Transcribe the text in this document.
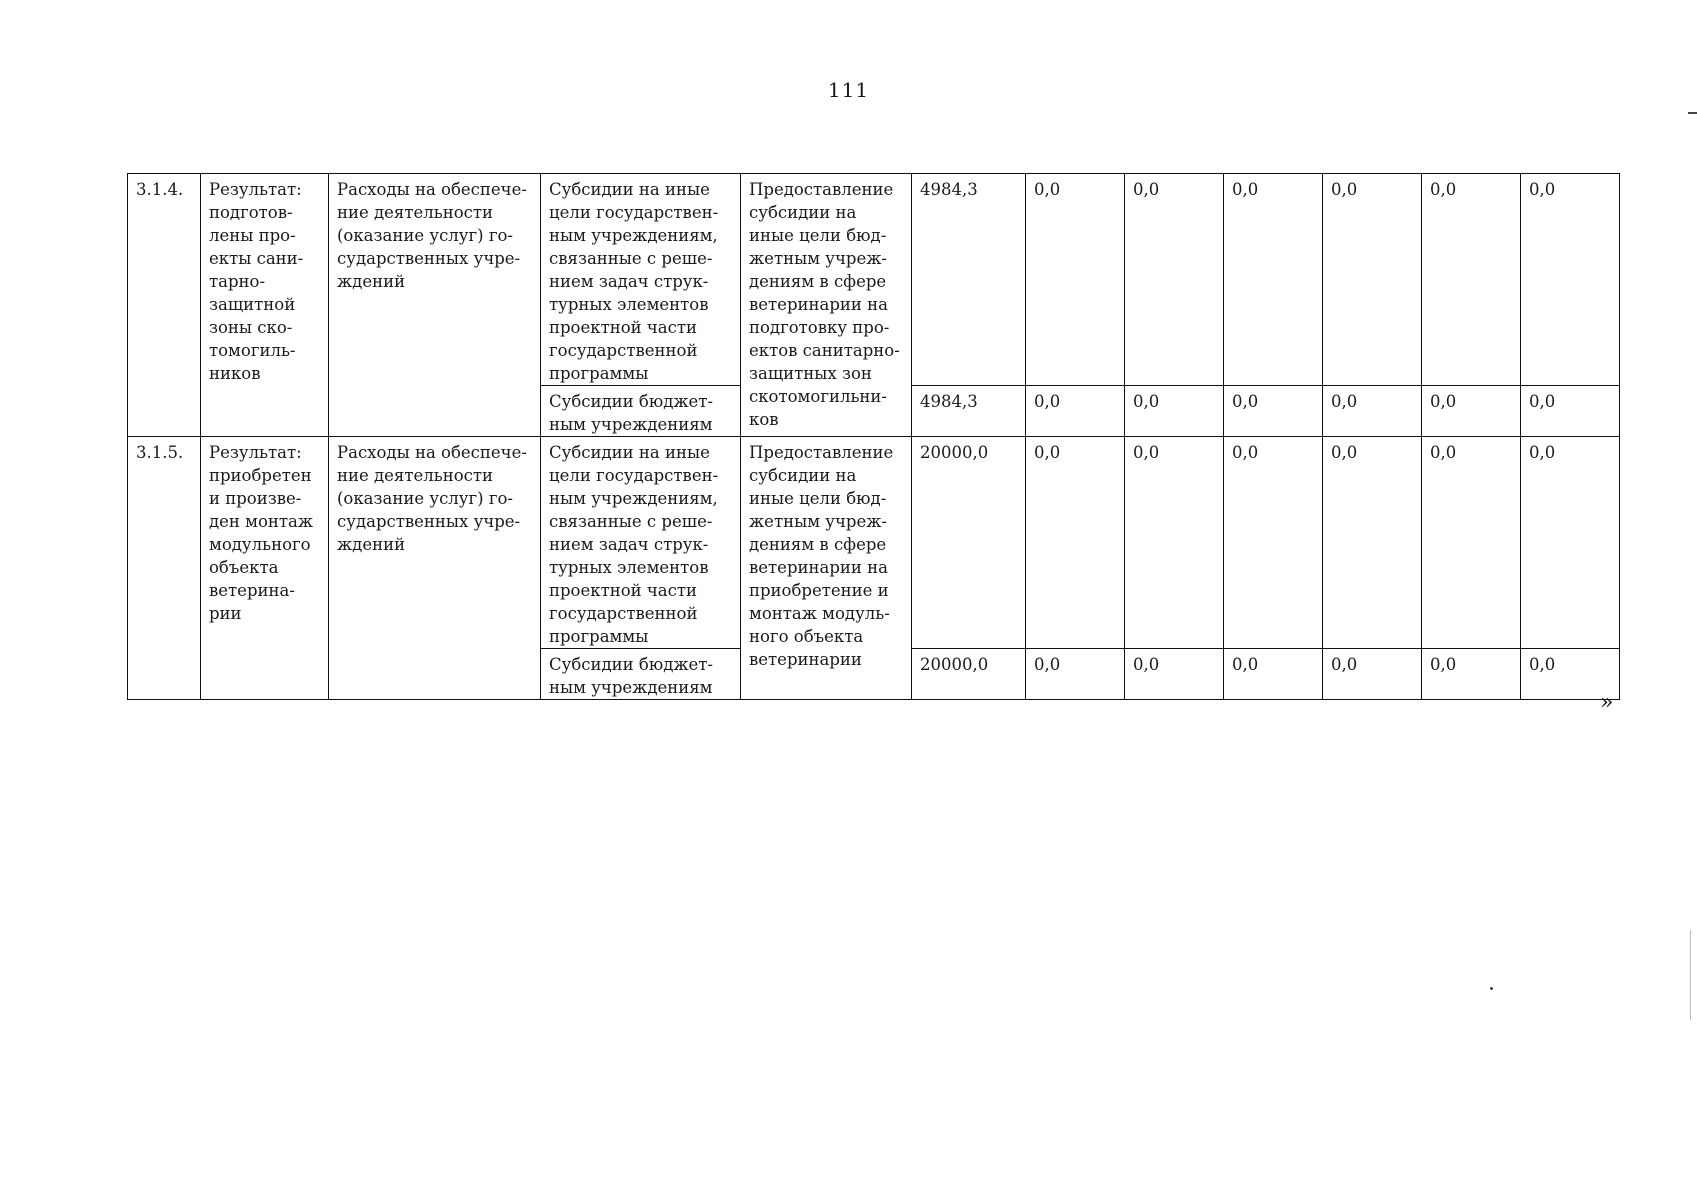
111
3.1.4.	Результат: подготов-лены про-екты сани-тарно-защитной зоны ско-томогиль-ников	Расходы на обеспече-ние деятельности (оказание услуг) го-сударственных учре-ждений	Субсидии на иные цели государствен-ным учреждениям, связанные с реше-нием задач струк-турных элементов проектной части государственной программы	Предоставление субсидии на иные цели бюд-жетным учреж-дениям в сфере ветеринарии на подготовку про-ектов санитарно-защитных зон скотомогильни-ков	4984,3	0,0	0,0	0,0	0,0	0,0	0,0
			Субсидии бюджет-ным учреждениям		4984,3	0,0	0,0	0,0	0,0	0,0	0,0
3.1.5.	Результат: приобретен и произве-ден монтаж модульного объекта ветерина-рии	Расходы на обеспече-ние деятельности (оказание услуг) го-сударственных учре-ждений	Субсидии на иные цели государствен-ным учреждениям, связанные с реше-нием задач струк-турных элементов проектной части государственной программы	Предоставление субсидии на иные цели бюд-жетным учреж-дениям в сфере ветеринарии на приобретение и монтаж модуль-ного объекта ветеринарии	20000,0	0,0	0,0	0,0	0,0	0,0	0,0
			Субсидии бюджет-ным учреждениям		20000,0	0,0	0,0	0,0	0,0	0,0	0,0
»
